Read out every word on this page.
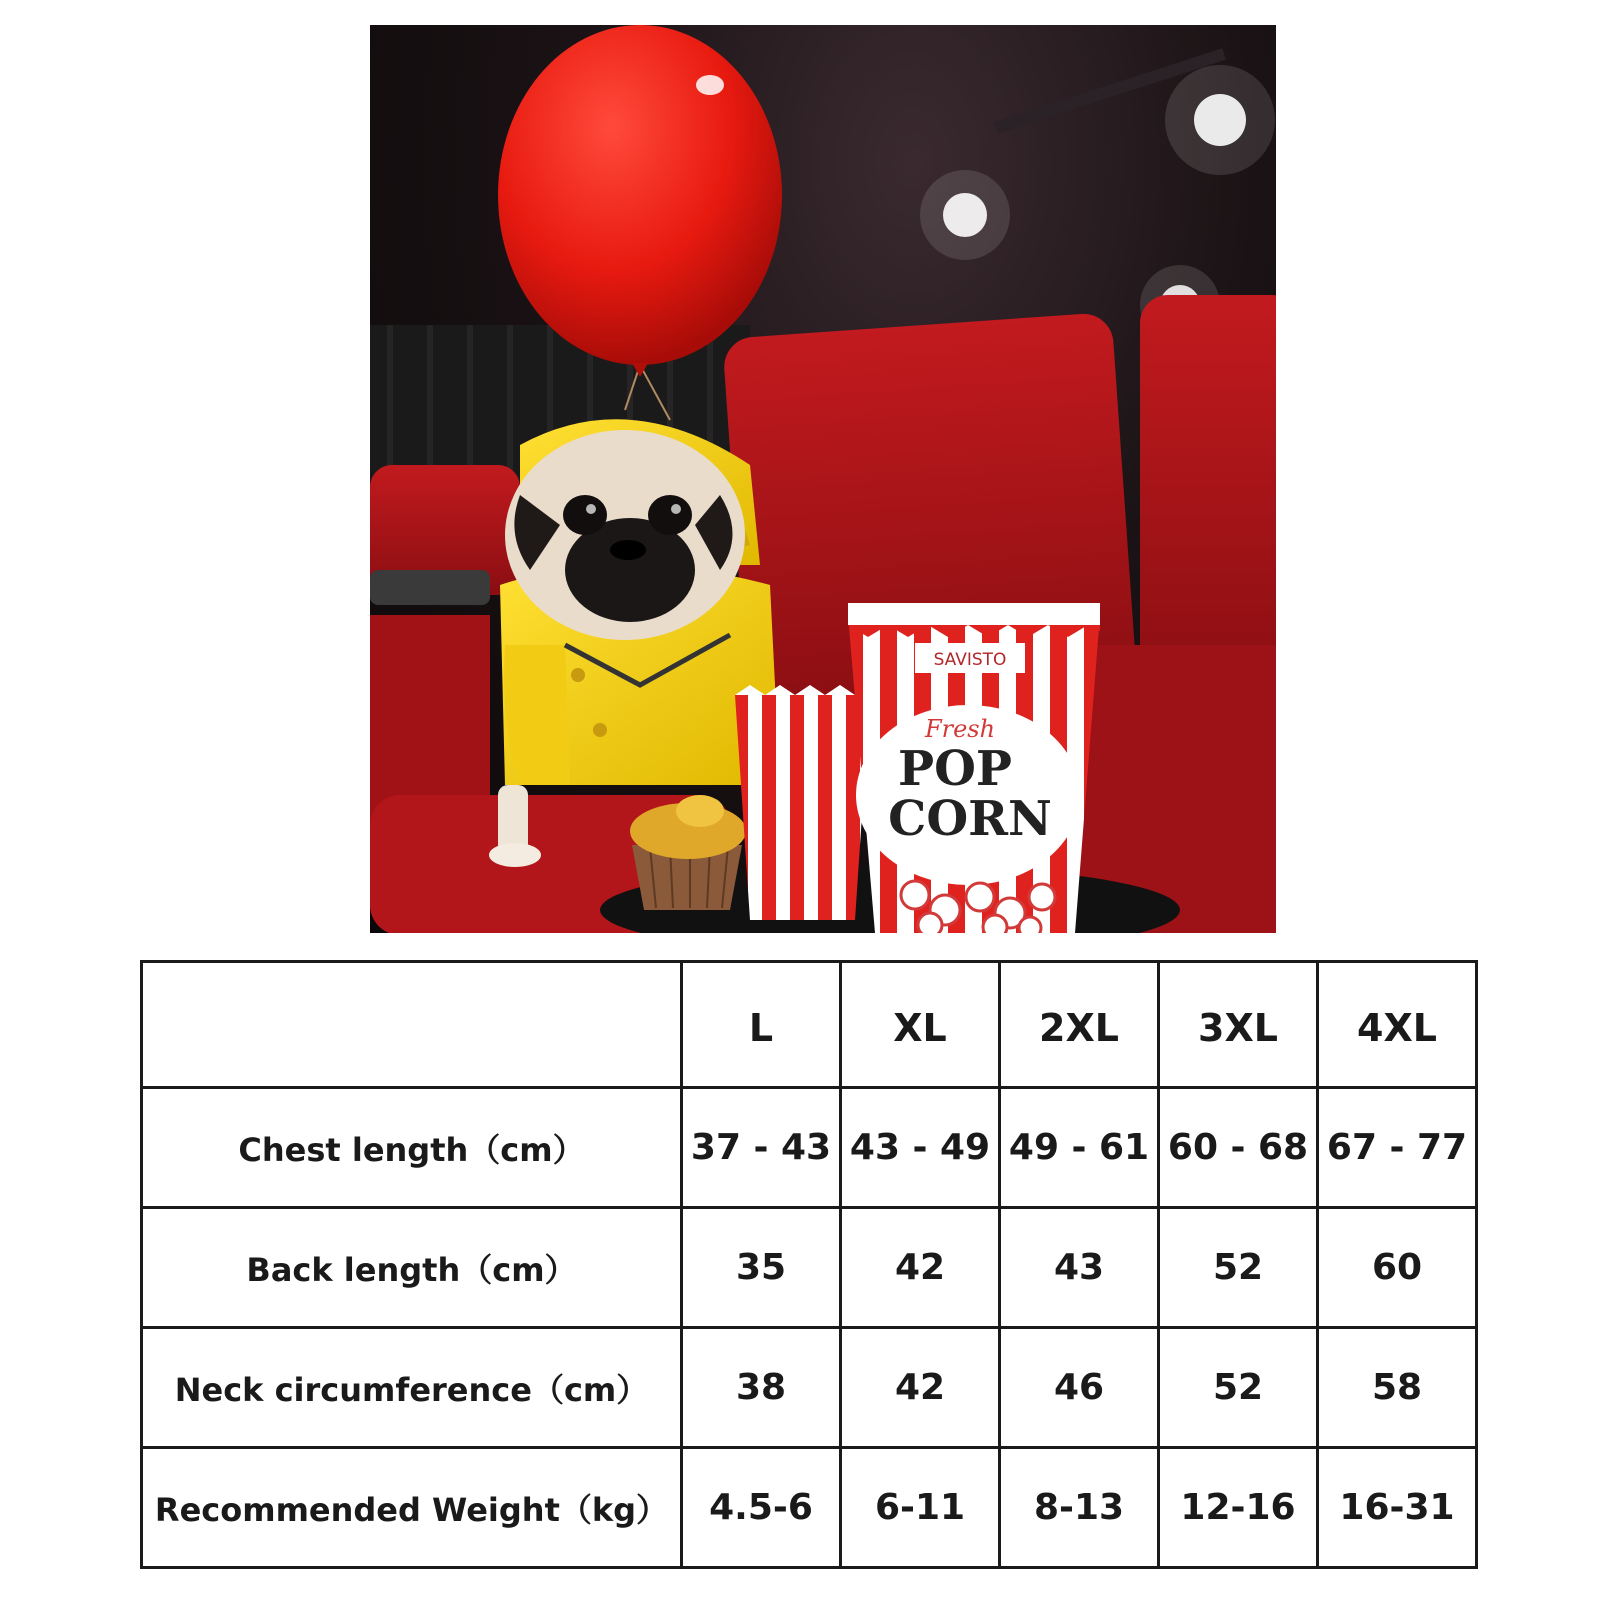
SAVISTO
Fresh
POP
CORN
	L	XL	2XL	3XL	4XL
Chest length（cm）	37 - 43	43 - 49	49 - 61	60 - 68	67 - 77
Back length（cm）	35	42	43	52	60
Neck circumference（cm）	38	42	46	52	58
Recommended Weight（kg）	4.5-6	6-11	8-13	12-16	16-31
